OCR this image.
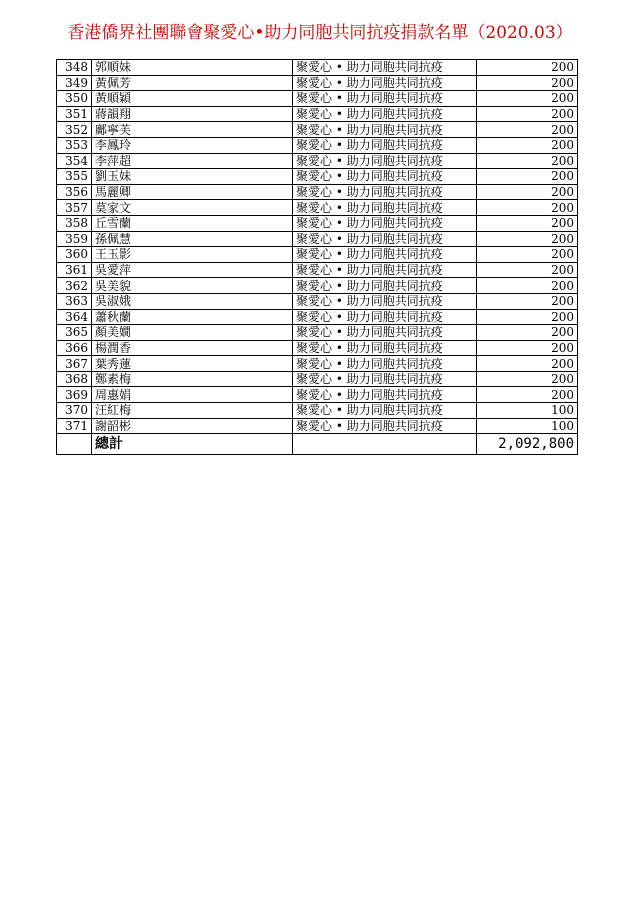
香港僑界社團聯會聚愛心•助力同胞共同抗疫捐款名單（2020.03）
348	郭順妹	聚愛心 • 助力同胞共同抗疫	200
349	黃佩芳	聚愛心 • 助力同胞共同抗疫	200
350	黃順穎	聚愛心 • 助力同胞共同抗疫	200
351	蔣韻翔	聚愛心 • 助力同胞共同抗疫	200
352	鄺寧芙	聚愛心 • 助力同胞共同抗疫	200
353	李鳳玲	聚愛心 • 助力同胞共同抗疫	200
354	李萍超	聚愛心 • 助力同胞共同抗疫	200
355	劉玉妹	聚愛心 • 助力同胞共同抗疫	200
356	馬麗卿	聚愛心 • 助力同胞共同抗疫	200
357	莫家文	聚愛心 • 助力同胞共同抗疫	200
358	丘雪蘭	聚愛心 • 助力同胞共同抗疫	200
359	孫佩慧	聚愛心 • 助力同胞共同抗疫	200
360	王玉影	聚愛心 • 助力同胞共同抗疫	200
361	吳愛萍	聚愛心 • 助力同胞共同抗疫	200
362	吳美貌	聚愛心 • 助力同胞共同抗疫	200
363	吳淑娥	聚愛心 • 助力同胞共同抗疫	200
364	蕭秋蘭	聚愛心 • 助力同胞共同抗疫	200
365	顏美嫺	聚愛心 • 助力同胞共同抗疫	200
366	楊潤香	聚愛心 • 助力同胞共同抗疫	200
367	葉秀蓮	聚愛心 • 助力同胞共同抗疫	200
368	鄭素梅	聚愛心 • 助力同胞共同抗疫	200
369	周惠娟	聚愛心 • 助力同胞共同抗疫	200
370	汪紅梅	聚愛心 • 助力同胞共同抗疫	100
371	謝韶彬	聚愛心 • 助力同胞共同抗疫	100
	總計		2,092,800
